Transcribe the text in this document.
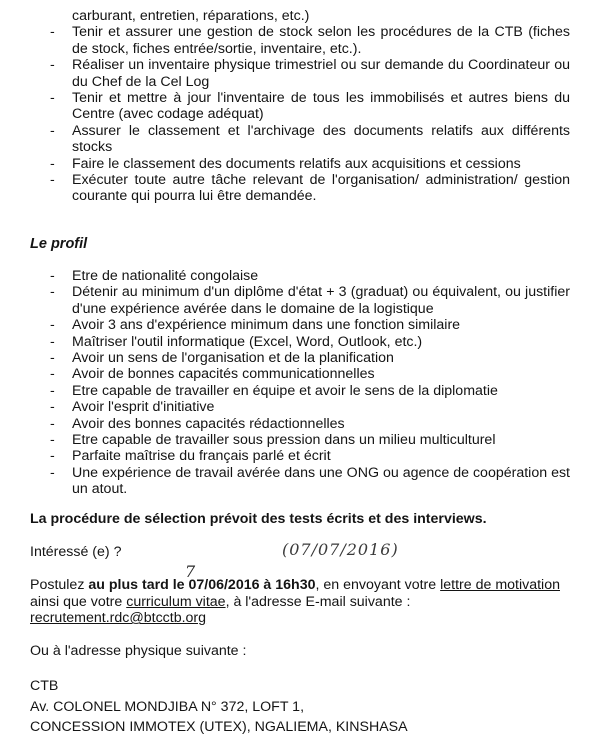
carburant, entretien, réparations, etc.)
- Tenir et assurer une gestion de stock selon les procédures de la CTB (fiches de stock, fiches entrée/sortie, inventaire, etc.).
- Réaliser un inventaire physique trimestriel ou sur demande du Coordinateur ou du Chef de la Cel Log
- Tenir et mettre à jour l'inventaire de tous les immobilisés et autres biens du Centre (avec codage adéquat)
- Assurer le classement et l'archivage des documents relatifs aux différents stocks
- Faire le classement des documents relatifs aux acquisitions et cessions
- Exécuter toute autre tâche relevant de l'organisation/ administration/ gestion courante qui pourra lui être demandée.
Le profil
- Etre de nationalité congolaise
- Détenir au minimum d'un diplôme d'état + 3 (graduat) ou équivalent, ou justifier d'une expérience avérée dans le domaine de la logistique
- Avoir 3 ans d'expérience minimum dans une fonction similaire
- Maîtriser l'outil informatique (Excel, Word, Outlook, etc.)
- Avoir un sens de l'organisation et de la planification
- Avoir de bonnes capacités communicationnelles
- Etre capable de travailler en équipe et avoir le sens de la diplomatie
- Avoir l'esprit d'initiative
- Avoir des bonnes capacités rédactionnelles
- Etre capable de travailler sous pression dans un milieu multiculturel
- Parfaite maîtrise du français parlé et écrit
- Une expérience de travail avérée dans une ONG ou agence de coopération est un atout.
La procédure de sélection prévoit des tests écrits et des interviews.
Intéressé (e) ?	(07/07/2016)
Postulez au plus tard le 07/06/2016 à 16h30, en envoyant votre lettre de motivation ainsi que votre curriculum vitae, à l'adresse E-mail suivante :
recrutement.rdc@btcctb.org
7
Ou à l'adresse physique suivante :
CTB
Av. COLONEL MONDJIBA N° 372, LOFT 1,
CONCESSION IMMOTEX (UTEX), NGALIEMA, KINSHASA
